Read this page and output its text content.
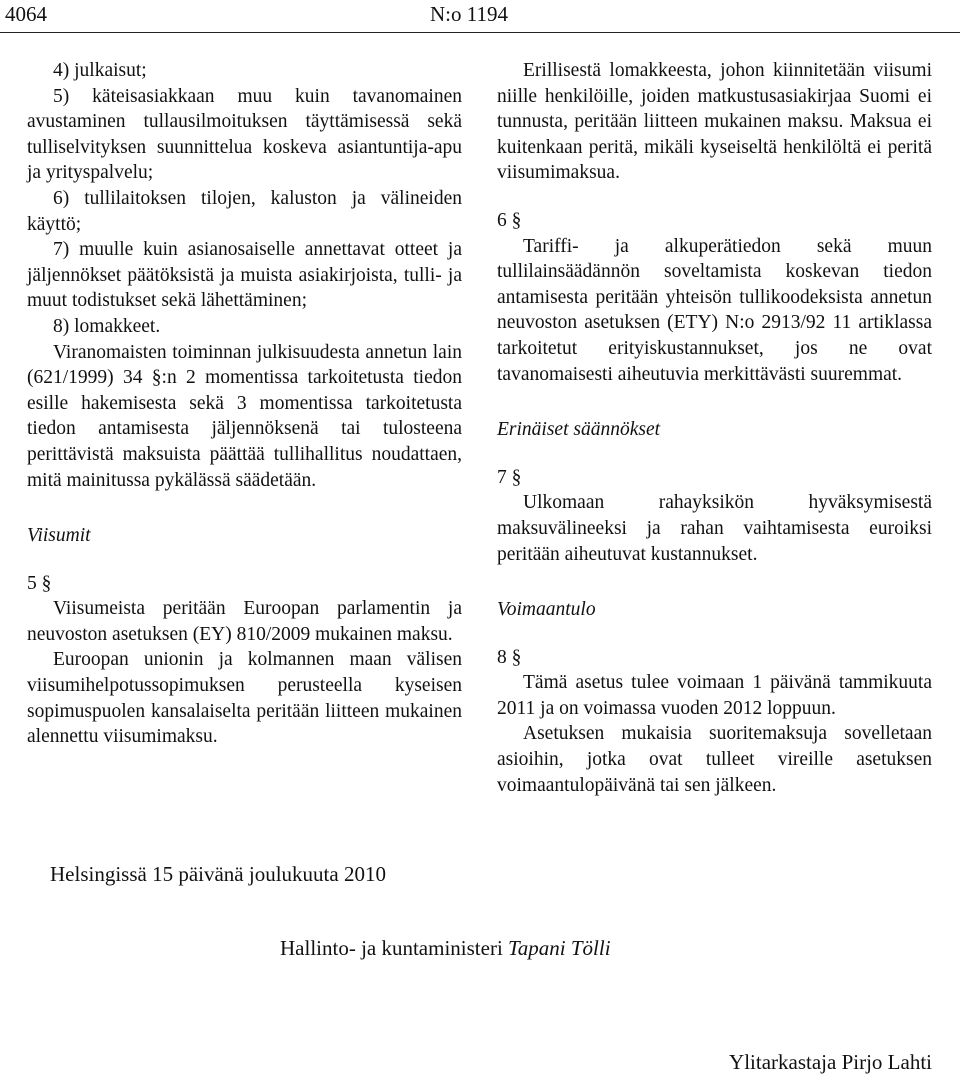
4064	N:o 1194

4) julkaisut;

5) käteisasiakkaan muu kuin tavanomainen avustaminen tullausilmoituksen täyttämisessä sekä tulliselvityksen suunnittelua koskeva asiantuntija-apu ja yrityspalvelu;

6) tullilaitoksen tilojen, kaluston ja välineiden käyttö;

7) muulle kuin asianosaiselle annettavat otteet ja jäljennökset päätöksistä ja muista asiakirjoista, tulli- ja muut todistukset sekä lähettäminen;

8) lomakkeet.

Viranomaisten toiminnan julkisuudesta annetun lain (621/1999) 34 §:n 2 momentissa tarkoitetusta tiedon esille hakemisesta sekä 3 momentissa tarkoitetusta tiedon antamisesta jäljennöksenä tai tulosteena perittävistä maksuista päättää tullihallitus noudattaen, mitä mainitussa pykälässä säädetään.

Viisumit

5 §

Viisumeista peritään Euroopan parlamentin ja neuvoston asetuksen (EY) 810/2009 mukainen maksu.

Euroopan unionin ja kolmannen maan välisen viisumihelpotussopimuksen perusteella kyseisen sopimuspuolen kansalaiselta peritään liitteen mukainen alennettu viisumimaksu.

Erillisestä lomakkeesta, johon kiinnitetään viisumi niille henkilöille, joiden matkustusasiakirjaa Suomi ei tunnusta, peritään liitteen mukainen maksu. Maksua ei kuitenkaan peritä, mikäli kyseiseltä henkilöltä ei peritä viisumimaksua.

6 §

Tariffi- ja alkuperätiedon sekä muun tullilainsäädännön soveltamista koskevan tiedon antamisesta peritään yhteisön tullikoodeksista annetun neuvoston asetuksen (ETY) N:o 2913/92 11 artiklassa tarkoitetut erityiskustannukset, jos ne ovat tavanomaisesti aiheutuvia merkittävästi suuremmat.

Erinäiset säännökset

7 §

Ulkomaan rahayksikön hyväksymisestä maksuvälineeksi ja rahan vaihtamisesta euroiksi peritään aiheutuvat kustannukset.

Voimaantulo

8 §

Tämä asetus tulee voimaan 1 päivänä tammikuuta 2011 ja on voimassa vuoden 2012 loppuun.

Asetuksen mukaisia suoritemaksuja sovelletaan asioihin, jotka ovat tulleet vireille asetuksen voimaantulopäivänä tai sen jälkeen.

Helsingissä 15 päivänä joulukuuta 2010
Hallinto- ja kuntaministeri Tapani Tölli
Ylitarkastaja Pirjo Lahti
